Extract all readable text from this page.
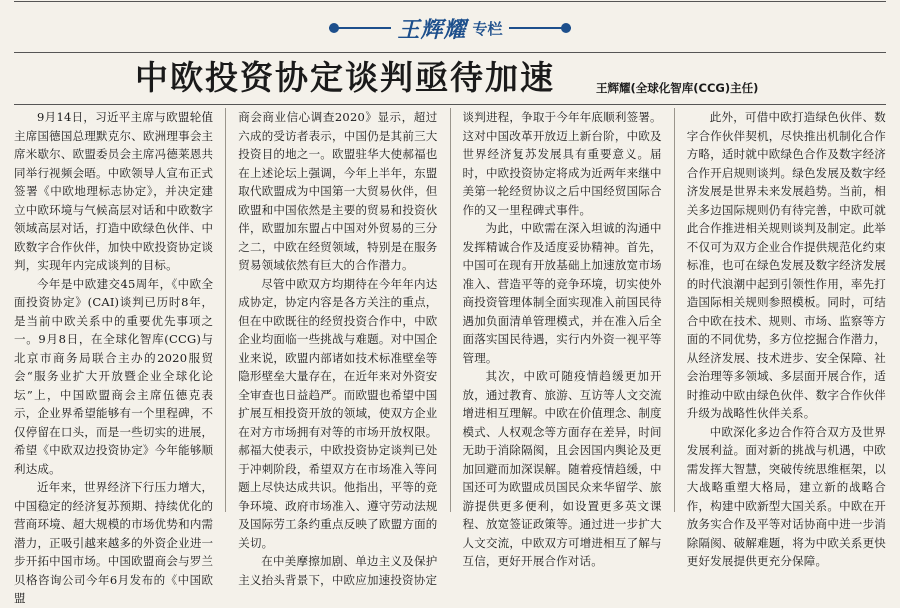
王辉耀 专栏
中欧投资协定谈判亟待加速	王辉耀(全球化智库(CCG)主任)

9月14日，习近平主席与欧盟轮值主席国德国总理默克尔、欧洲理事会主席米歇尔、欧盟委员会主席冯德莱恩共同举行视频会晤。中欧领导人宣布正式签署《中欧地理标志协定》，并决定建立中欧环境与气候高层对话和中欧数字领域高层对话，打造中欧绿色伙伴、中欧数字合作伙伴，加快中欧投资协定谈判，实现年内完成谈判的目标。

今年是中欧建交45周年，《中欧全面投资协定》(CAI)谈判已历时8年，是当前中欧关系中的重要优先事项之一。9月8日，在全球化智库(CCG)与北京市商务局联合主办的2020服贸会“服务业扩大开放暨企业全球化论坛”上，中国欧盟商会主席伍德克表示，企业界希望能够有一个里程碑，不仅停留在口头，而是一些切实的进展，希望《中欧双边投资协定》今年能够顺利达成。

近年来，世界经济下行压力增大，中国稳定的经济复苏预期、持续优化的营商环境、超大规模的市场优势和内需潜力，正吸引越来越多的外资企业进一步开拓中国市场。中国欧盟商会与罗兰贝格咨询公司今年6月发布的《中国欧盟

商会商业信心调查2020》显示，超过六成的受访者表示，中国仍是其前三大投资目的地之一。欧盟驻华大使郝福也在上述论坛上强调，今年上半年，东盟取代欧盟成为中国第一大贸易伙伴，但欧盟和中国依然是主要的贸易和投资伙伴，欧盟加东盟占中国对外贸易的三分之二，中欧在经贸领域，特别是在服务贸易领域依然有巨大的合作潜力。

尽管中欧双方均期待在今年年内达成协定，协定内容是各方关注的重点，但在中欧既往的经贸投资合作中，中欧企业均面临一些挑战与难题。对中国企业来说，欧盟内部诸如技术标准壁垒等隐形壁垒大量存在，在近年来对外资安全审查也日益趋严。而欧盟也希望中国扩展互相投资开放的领域，使双方企业在对方市场拥有对等的市场开放权限。郝福大使表示，中欧投资协定谈判已处于冲刺阶段，希望双方在市场准入等问题上尽快达成共识。他指出，平等的竞争环境、政府市场准入、遵守劳动法规及国际劳工条约重点反映了欧盟方面的关切。

在中美摩擦加剧、单边主义及保护主义抬头背景下，中欧应加速投资协定

谈判进程，争取于今年年底顺利签署。这对中国改革开放迈上新台阶，中欧及世界经济复苏发展具有重要意义。届时，中欧投资协定将成为近两年来继中美第一轮经贸协议之后中国经贸国际合作的又一里程碑式事件。

为此，中欧需在深入坦诚的沟通中发挥精诚合作及适度妥协精神。首先，中国可在现有开放基础上加速放宽市场准入、营造平等的竞争环境，切实使外商投资管理体制全面实现准入前国民待遇加负面清单管理模式，并在准入后全面落实国民待遇，实行内外资一视平等管理。

其次，中欧可随疫情趋缓更加开放，通过教育、旅游、互访等人文交流增进相互理解。中欧在价值理念、制度模式、人权观念等方面存在差异，时间无助于消除隔阂，且会因国内舆论及更加回避而加深误解。随着疫情趋缓，中国还可为欧盟成员国民众来华留学、旅游提供更多便利，如设置更多英文课程、放宽签证政策等。通过进一步扩大人文交流，中欧双方可增进相互了解与互信，更好开展合作对话。

此外，可借中欧打造绿色伙伴、数字合作伙伴契机，尽快推出机制化合作方略，适时就中欧绿色合作及数字经济合作开启规则谈判。绿色发展及数字经济发展是世界未来发展趋势。当前，相关多边国际规则仍有待完善，中欧可就此合作推进相关规则谈判及制定。此举不仅可为双方企业合作提供规范化约束标准，也可在绿色发展及数字经济发展的时代浪潮中起到引领性作用，率先打造国际相关规则参照模板。同时，可结合中欧在技术、规则、市场、监察等方面的不同优势，多方位挖掘合作潜力，从经济发展、技术进步、安全保障、社会治理等多领域、多层面开展合作，适时推动中欧由绿色伙伴、数字合作伙伴升级为战略性伙伴关系。

中欧深化多边合作符合双方及世界发展利益。面对新的挑战与机遇，中欧需发挥大智慧，突破传统思维框架，以大战略重塑大格局，建立新的战略合作，构建中欧新型大国关系。中欧在开放务实合作及平等对话协商中进一步消除隔阂、破解难题，将为中欧关系更快更好发展提供更充分保障。
